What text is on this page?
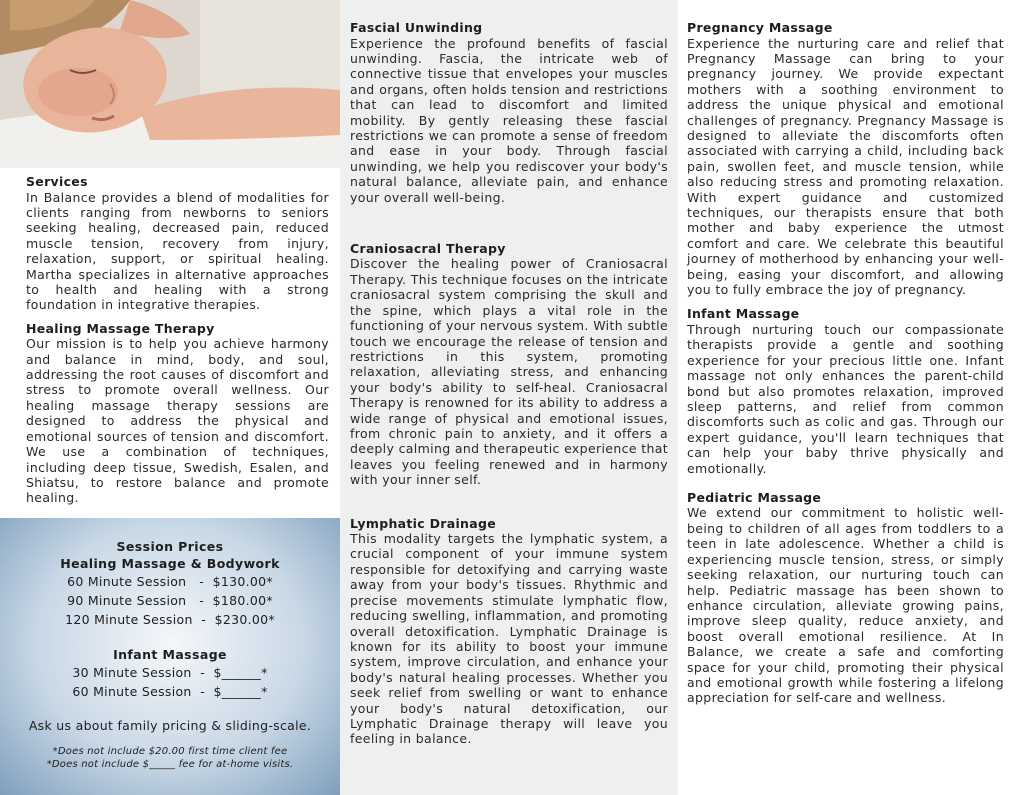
Services

In Balance provides a blend of modalities for clients ranging from newborns to seniors seeking healing, decreased pain, reduced muscle tension, recovery from injury, relaxation, support, or spiritual healing. Martha specializes in alternative approaches to health and healing with a strong foundation in integrative therapies.

Healing Massage Therapy

Our mission is to help you achieve harmony and balance in mind, body, and soul, addressing the root causes of discomfort and stress to promote overall wellness. Our healing massage therapy sessions are designed to address the physical and emotional sources of tension and discomfort. We use a combination of techniques, including deep tissue, Swedish, Esalen, and Shiatsu, to restore balance and promote healing.

Session Prices
Healing Massage & Bodywork
60 Minute Session   -  $130.00*
90 Minute Session   -  $180.00*
120 Minute Session  -  $230.00*
Infant Massage
30 Minute Session  -  $______*
60 Minute Session  -  $______*
Ask us about family pricing & sliding-scale.
*Does not include $20.00 first time client fee
*Does not include $_____ fee for at-home visits.
Fascial Unwinding

Experience the profound benefits of fascial unwinding. Fascia, the intricate web of connective tissue that envelopes your muscles and organs, often holds tension and restrictions that can lead to discomfort and limited mobility. By gently releasing these fascial restrictions we can promote a sense of freedom and ease in your body. Through fascial unwinding, we help you rediscover your body's natural balance, alleviate pain, and enhance your overall well-being.

Craniosacral Therapy

Discover the healing power of Craniosacral Therapy. This technique focuses on the intricate craniosacral system comprising the skull and the spine, which plays a vital role in the functioning of your nervous system. With subtle touch we encourage the release of tension and restrictions in this system, promoting relaxation, alleviating stress, and enhancing your body's ability to self-heal. Craniosacral Therapy is renowned for its ability to address a wide range of physical and emotional issues, from chronic pain to anxiety, and it offers a deeply calming and therapeutic experience that leaves you feeling renewed and in harmony with your inner self.

Lymphatic Drainage

This modality targets the lymphatic system, a crucial component of your immune system responsible for detoxifying and carrying waste away from your body's tissues. Rhythmic and precise movements stimulate lymphatic flow, reducing swelling, inflammation, and promoting overall detoxification. Lymphatic Drainage is known for its ability to boost your immune system, improve circulation, and enhance your body's natural healing processes. Whether you seek relief from swelling or want to enhance your body's natural detoxification, our Lymphatic Drainage therapy will leave you feeling in balance.

Pregnancy Massage

Experience the nurturing care and relief that Pregnancy Massage can bring to your pregnancy journey. We provide expectant mothers with a soothing environment to address the unique physical and emotional challenges of pregnancy. Pregnancy Massage is designed to alleviate the discomforts often associated with carrying a child, including back pain, swollen feet, and muscle tension, while also reducing stress and promoting relaxation. With expert guidance and customized techniques, our therapists ensure that both mother and baby experience the utmost comfort and care. We celebrate this beautiful journey of motherhood by enhancing your well-being, easing your discomfort, and allowing you to fully embrace the joy of pregnancy.

Infant Massage

Through nurturing touch our compassionate therapists provide a gentle and soothing experience for your precious little one. Infant massage not only enhances the parent-child bond but also promotes relaxation, improved sleep patterns, and relief from common discomforts such as colic and gas. Through our expert guidance, you'll learn techniques that can help your baby thrive physically and emotionally.

Pediatric Massage

We extend our commitment to holistic well-being to children of all ages from toddlers to a teen in late adolescence. Whether a child is experiencing muscle tension, stress, or simply seeking relaxation, our nurturing touch can help. Pediatric massage has been shown to enhance circulation, alleviate growing pains, improve sleep quality, reduce anxiety, and boost overall emotional resilience. At In Balance, we create a safe and comforting space for your child, promoting their physical and emotional growth while fostering a lifelong appreciation for self-care and wellness.
